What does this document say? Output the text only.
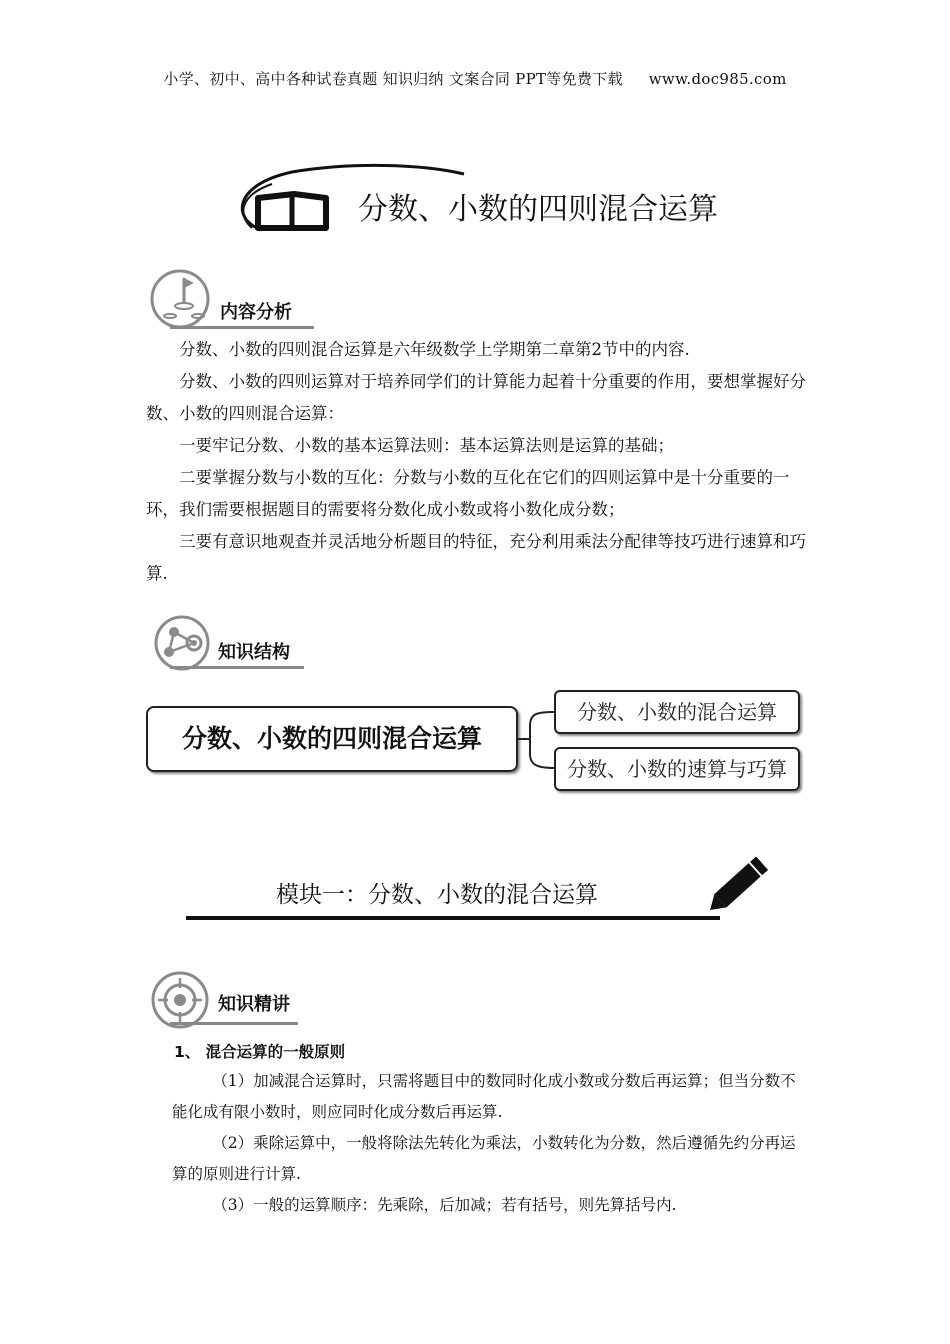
小学、初中、高中各种试卷真题 知识归纳 文案合同 PPT等免费下载 www.doc985.com
分数、小数的四则混合运算
内容分析

分数、小数的四则混合运算是六年级数学上学期第二章第2节中的内容.

分数、小数的四则运算对于培养同学们的计算能力起着十分重要的作用，要想掌握好分数、小数的四则混合运算：

一要牢记分数、小数的基本运算法则：基本运算法则是运算的基础；

二要掌握分数与小数的互化：分数与小数的互化在它们的四则运算中是十分重要的一环，我们需要根据题目的需要将分数化成小数或将小数化成分数；

三要有意识地观查并灵活地分析题目的特征，充分利用乘法分配律等技巧进行速算和巧算.

知识结构
分数、小数的四则混合运算
分数、小数的混合运算
分数、小数的速算与巧算
模块一：分数、小数的混合运算
知识精讲
1、 混合运算的一般原则

（1）加减混合运算时，只需将题目中的数同时化成小数或分数后再运算；但当分数不能化成有限小数时，则应同时化成分数后再运算.

（2）乘除运算中，一般将除法先转化为乘法，小数转化为分数，然后遵循先约分再运算的原则进行计算.

（3）一般的运算顺序：先乘除，后加减；若有括号，则先算括号内.
